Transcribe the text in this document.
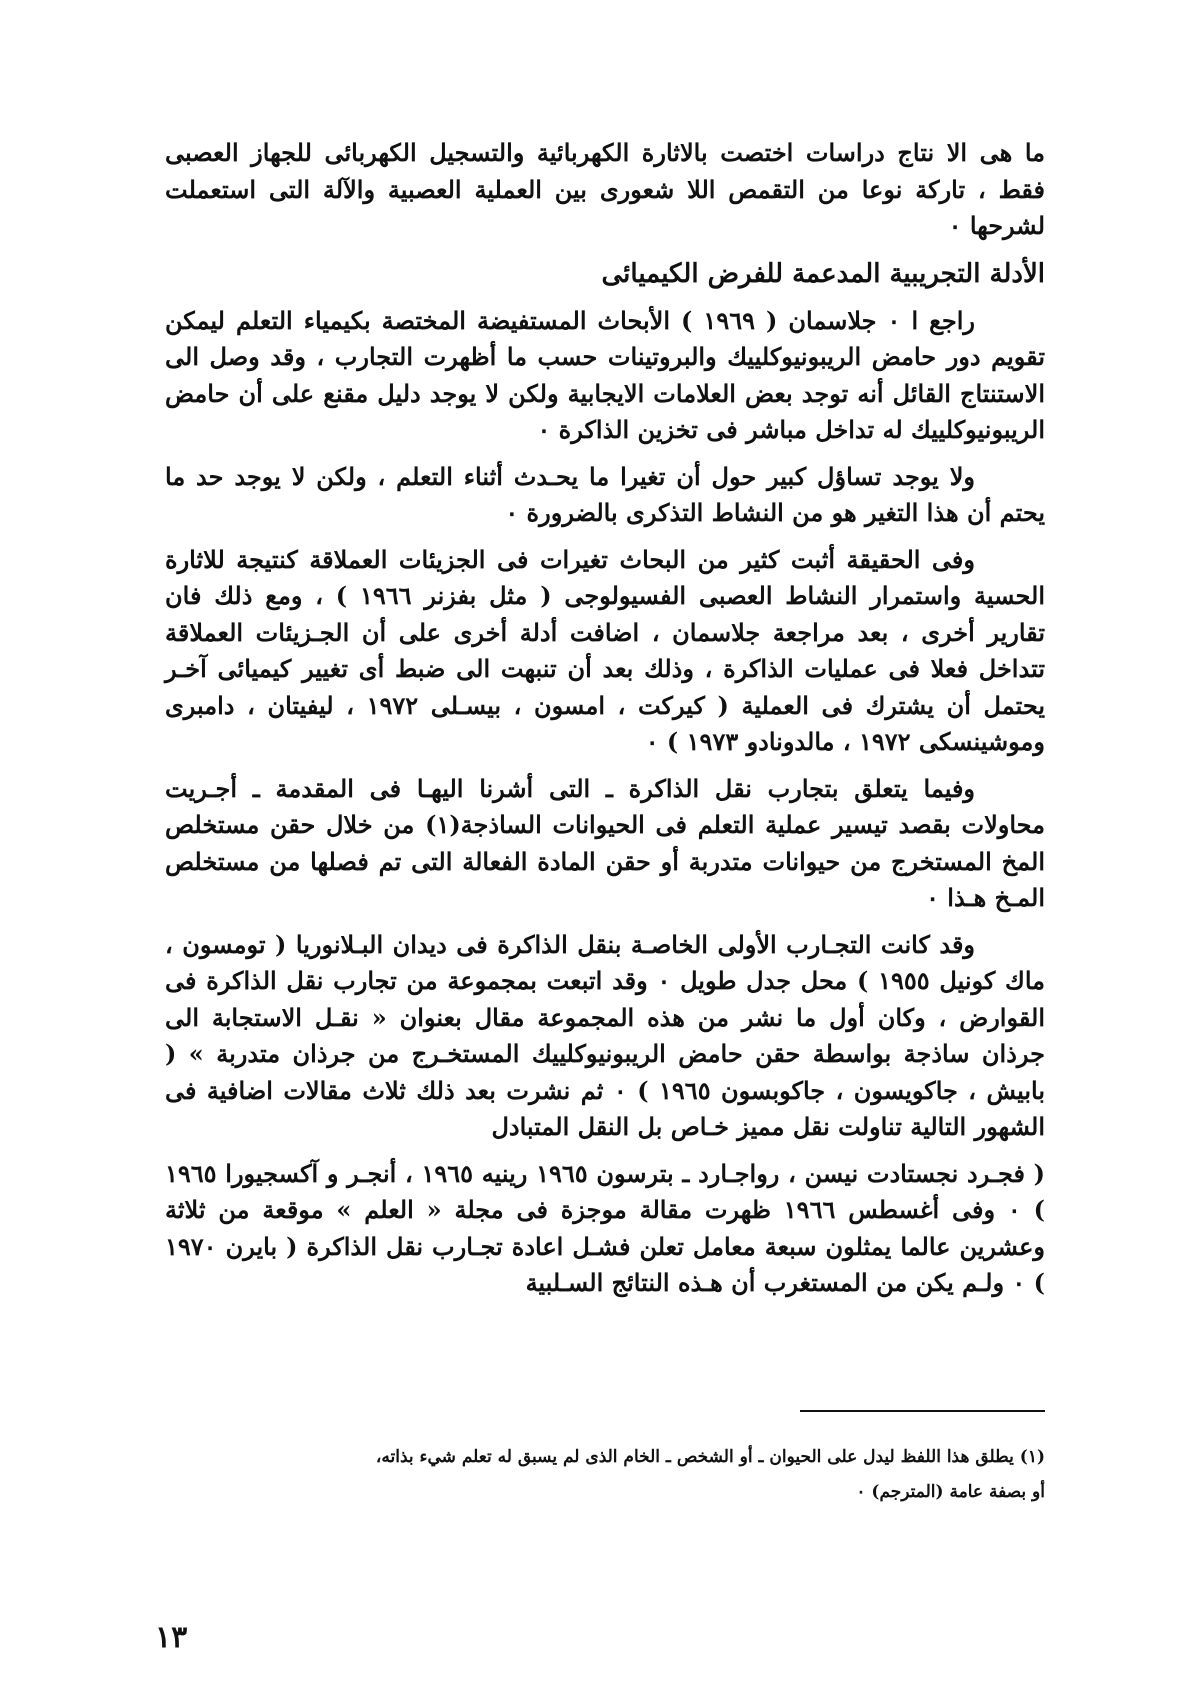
ما هى الا نتاج دراسات اختصت بالاثارة الكهربائية والتسجيل الكهربائى للجهاز العصبى فقط ، تاركة نوعا من التقمص اللا شعورى بين العملية العصبية والآلة التى استعملت لشرحها ٠

الأدلة التجريبية المدعمة للفرض الكيميائى

راجع ا ٠ جلاسمان ( ١٩٦٩ ) الأبحاث المستفيضة المختصة بكيمياء التعلم ليمكن تقويم دور حامض الريبونيوكلييك والبروتينات حسب ما أظهرت التجارب ، وقد وصل الى الاستنتاج القائل أنه توجد بعض العلامات الايجابية ولكن لا يوجد دليل مقنع على أن حامض الريبونيوكلييك له تداخل مباشر فى تخزين الذاكرة ٠

ولا يوجد تساؤل كبير حول أن تغيرا ما يحـدث أثناء التعلم ، ولكن لا يوجد حد ما يحتم أن هذا التغير هو من النشاط التذكرى بالضرورة ٠

وفى الحقيقة أثبت كثير من البحاث تغيرات فى الجزيئات العملاقة كنتيجة للاثارة الحسية واستمرار النشاط العصبى الفسيولوجى ( مثل بفزنر ١٩٦٦ ) ، ومع ذلك فان تقارير أخرى ، بعد مراجعة جلاسمان ، اضافت أدلة أخرى على أن الجـزيئات العملاقة تتداخل فعلا فى عمليات الذاكرة ، وذلك بعد أن تنبهت الى ضبط أى تغيير كيميائى آخـر يحتمل أن يشترك فى العملية ( كيركت ، امسون ، بيسـلى ١٩٧٢ ، ليفيتان ، دامبرى وموشينسكى ١٩٧٢ ، مالدونادو ١٩٧٣ ) ٠

وفيما يتعلق بتجارب نقل الذاكرة ـ التى أشرنا اليهـا فى المقدمة ـ أجـريت محاولات بقصد تيسير عملية التعلم فى الحيوانات الساذجة(١) من خلال حقن مستخلص المخ المستخرج من حيوانات متدربة أو حقن المادة الفعالة التى تم فصلها من مستخلص المـخ هـذا ٠

وقد كانت التجـارب الأولى الخاصـة بنقل الذاكرة فى ديدان البـلانوريا ( تومسون ، ماك كونيل ١٩٥٥ ) محل جدل طويل ٠ وقد اتبعت بمجموعة من تجارب نقل الذاكرة فى القوارض ، وكان أول ما نشر من هذه المجموعة مقال بعنوان « نقـل الاستجابة الى جرذان ساذجة بواسطة حقن حامض الريبونيوكلييك المستخـرج من جرذان متدربة » ( بابيش ، جاكويسون ، جاكوبسون ١٩٦٥ ) ٠ ثم نشرت بعد ذلك ثلاث مقالات اضافية فى الشهور التالية تناولت نقل مميز خـاص بل النقل المتبادل

( فجـرد نجستادت نيسن ، رواجـارد ـ بترسون ١٩٦٥ رينيه ١٩٦٥ ، أنجـر و آكسجيورا ١٩٦٥ ) ٠ وفى أغسطس ١٩٦٦ ظهرت مقالة موجزة فى مجلة « العلم » موقعة من ثلاثة وعشرين عالما يمثلون سبعة معامل تعلن فشـل اعادة تجـارب نقل الذاكرة ( بايرن ١٩٧٠ ) ٠ ولـم يكن من المستغرب أن هـذه النتائج السـلبية

(١) يطلق هذا اللفظ ليدل على الحيوان ـ أو الشخص ـ الخام الذى لم يسبق له تعلم شيء بذاته،

أو بصفة عامة (المترجم) ٠

١٣
